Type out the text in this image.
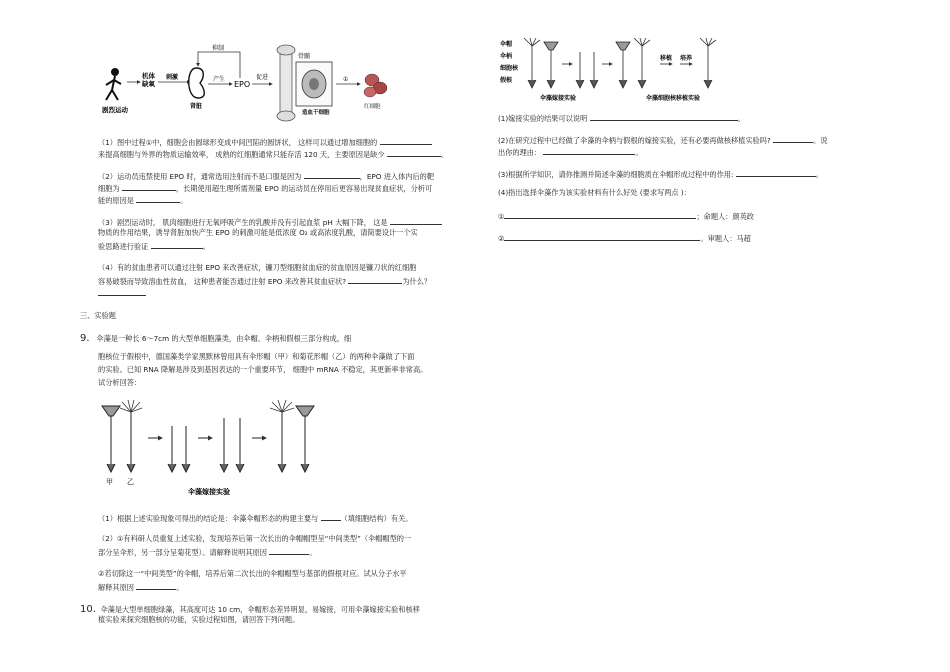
剧烈运动
机体
缺氧
刺激
肾脏
产生
EPO
抑制
促进
骨髓
造血干细胞
①
红细胞
（1）图中过程①中，细胞会由圆球形变成中间凹陷的圆饼状， 这样可以通过增加细胞的
来提高细胞与外界的物质运输效率， 成熟的红细胞通常只能存活 120 天，主要原因是缺少	。
（2）运动员违禁使用 EPO 时，通常选用注射而不是口服是因为	，EPO 进入体内后的靶
细胞为	，长期使用超生理所需剂量 EPO 的运动员在停用后更容易出现贫血症状，分析可
能的原因是	。
（3）剧烈运动时， 肌肉细胞进行无氧呼吸产生的乳酸并没有引起血浆 pH 大幅下降， 这是
物质的作用结果，诱导肾脏加快产生 EPO 的刺激可能是低浓度 O₂ 或高浓度乳酸，请简要设计一个实
验思路进行验证	。
（4）有的贫血患者可以通过注射 EPO 来改善症状，镰刀型细胞贫血症的贫血原因是镰刀状的红细胞
容易破裂而导致溶血性贫血， 这种患者能否通过注射 EPO 来改善其贫血症状?	为什么？
三、实验题
9. 伞藻是一种长 6～7cm 的大型单细胞藻类，由伞帽、伞柄和假根三部分构成，细
胞核位于假根中，德国藻类学家黑默林曾用具有伞形帽（甲）和菊花形帽（乙）的两种伞藻做了下面
的实验。已知 RNA 降解是涉及到基因表达的一个重要环节， 细胞中 mRNA 不稳定，其更新率非常高。
试分析回答：
甲 乙
伞藻嫁接实验
（1）根据上述实验现象可得出的结论是：伞藻伞帽形态的构建主要与	（填细胞结构）有关。
（2）①有科研人员重复上述实验，发现培养后第一次长出的伞帽帽型呈“中间类型”（伞帽帽型的一
部分呈伞形，另一部分呈菊花型）。请解释说明其原因	。
②若切除这一“中间类型”的伞帽，培养后第二次长出的伞帽帽型与基部的假根对应。试从分子水平
解释其原因	。
10. 伞藻是大型单细胞绿藻，其高度可达 10 cm，伞帽形态差异明显，易嫁接，可用伞藻嫁接实验和核移
植实验来探究细胞核的功能，实验过程如图，请回答下列问题。
伞帽
伞柄
细胞核
假根
移植 培养
伞藻嫁接实验	伞藻细胞核移植实验
(1)嫁接实验的结果可以说明	。
(2)在研究过程中已经做了伞藻的伞柄与假根的嫁接实验，还有必要再做核移植实验吗?	。说
出你的理由：	。
(3)根据所学知识，请你推测并简述伞藻的细胞质在伞帽形成过程中的作用:	。
(4)指出选择伞藻作为该实验材料有什么好处 (要求写两点 )：
①	；命题人：颜英政
②	。审题人：马超
